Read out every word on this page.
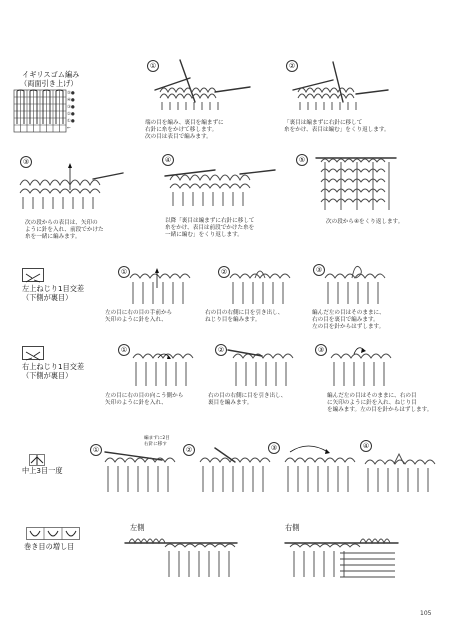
イギリスゴム編み
（両面引き上げ）
⑤●
④●
③●
②●
①●
←
①
端の目を編み、裏目を編まずに
右針に糸をかけて移します。
次の目は表目で編みます。
②
「裏目は編まずに右針に移して
糸をかけ、表目は編む」をくり返します。
③
次の段からの表目は、矢印の
ように針を入れ、前段でかけた
糸を一緒に編みます。
④
以降「裏目は編まずに右針に移して
糸をかけ、表目は前段でかけた糸を
一緒に編む」をくり返します。
⑤
次の段から④をくり返します。
左上ねじり1目交差
（下側が裏目）
①
左の目に右の目の手前から
矢印のように針を入れ、
②
右の目の右側に目を引き出し、
ねじり目を編みます。
③
編んだ左の目はそのままに、
右の目を裏目で編みます。
左の目を針からはずします。
右上ねじり1目交差
（下側が裏目）
①
左の目に右の目の向こう側から
矢印のように針を入れ、
②
右の目の右側に目を引き出し、
裏目を編みます。
③
編んだ左の目はそのままに、右の目
に矢印のように針を入れ、ねじり目
を編みます。左の目を針からはずします。
中上3目一度
①
編まずに2目
右針に移す
②	③	④
巻き目の増し目
左側	右側
105
